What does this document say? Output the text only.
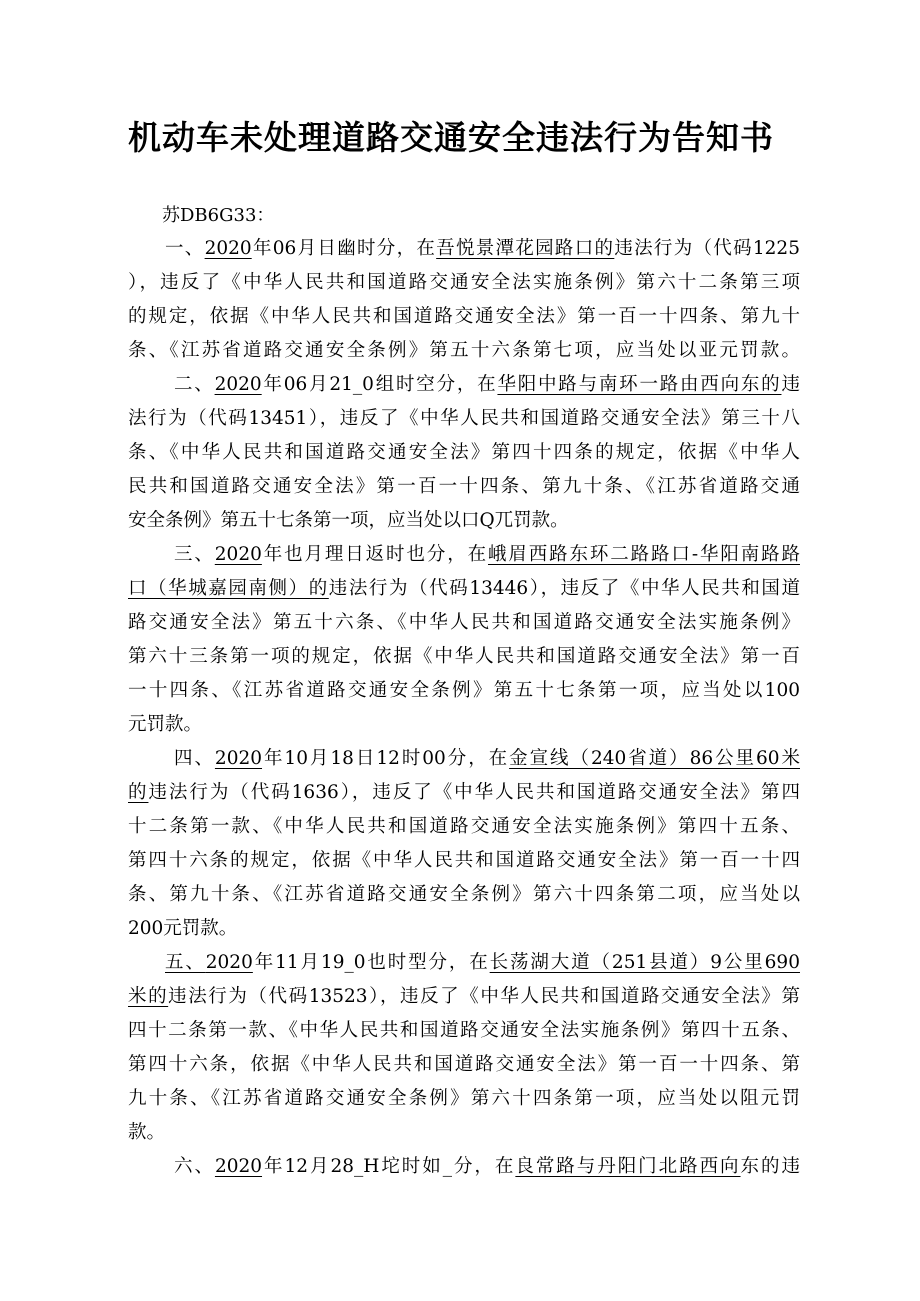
机动车未处理道路交通安全违法行为告知书
苏DB6G33：
一、2020年06月日幽时分，在吾悦景潭花园路口的违法行为（代码1225
），违反了《中华人民共和国道路交通安全法实施条例》第六十二条第三项
的规定，依据《中华人民共和国道路交通安全法》第一百一十四条、第九十
条、《江苏省道路交通安全条例》第五十六条第七项，应当处以亚元罚款。
二、2020年06月21_0组时空分，在华阳中路与南环一路由西向东的违
法行为（代码13451），违反了《中华人民共和国道路交通安全法》第三十八
条、《中华人民共和国道路交通安全法》第四十四条的规定，依据《中华人
民共和国道路交通安全法》第一百一十四条、第九十条、《江苏省道路交通
安全条例》第五十七条第一项，应当处以口Q兀罚款。
三、2020年也月理日返时也分，在峨眉西路东环二路路口-华阳南路路
口（华城嘉园南侧）的违法行为（代码13446），违反了《中华人民共和国道
路交通安全法》第五十六条、《中华人民共和国道路交通安全法实施条例》
第六十三条第一项的规定，依据《中华人民共和国道路交通安全法》第一百
一十四条、《江苏省道路交通安全条例》第五十七条第一项，应当处以100
元罚款。
四、2020年10月18日12时00分，在金宣线（240省道）86公里60米
的违法行为（代码1636），违反了《中华人民共和国道路交通安全法》第四
十二条第一款、《中华人民共和国道路交通安全法实施条例》第四十五条、
第四十六条的规定，依据《中华人民共和国道路交通安全法》第一百一十四
条、第九十条、《江苏省道路交通安全条例》第六十四条第二项，应当处以
200元罚款。
五、2020年11月19_0也时型分，在长荡湖大道（251县道）9公里690
米的违法行为（代码13523），违反了《中华人民共和国道路交通安全法》第
四十二条第一款、《中华人民共和国道路交通安全法实施条例》第四十五条、
第四十六条，依据《中华人民共和国道路交通安全法》第一百一十四条、第
九十条、《江苏省道路交通安全条例》第六十四条第一项，应当处以阻元罚
款。
六、2020年12月28_H坨时如_分，在良常路与丹阳门北路西向东的违
